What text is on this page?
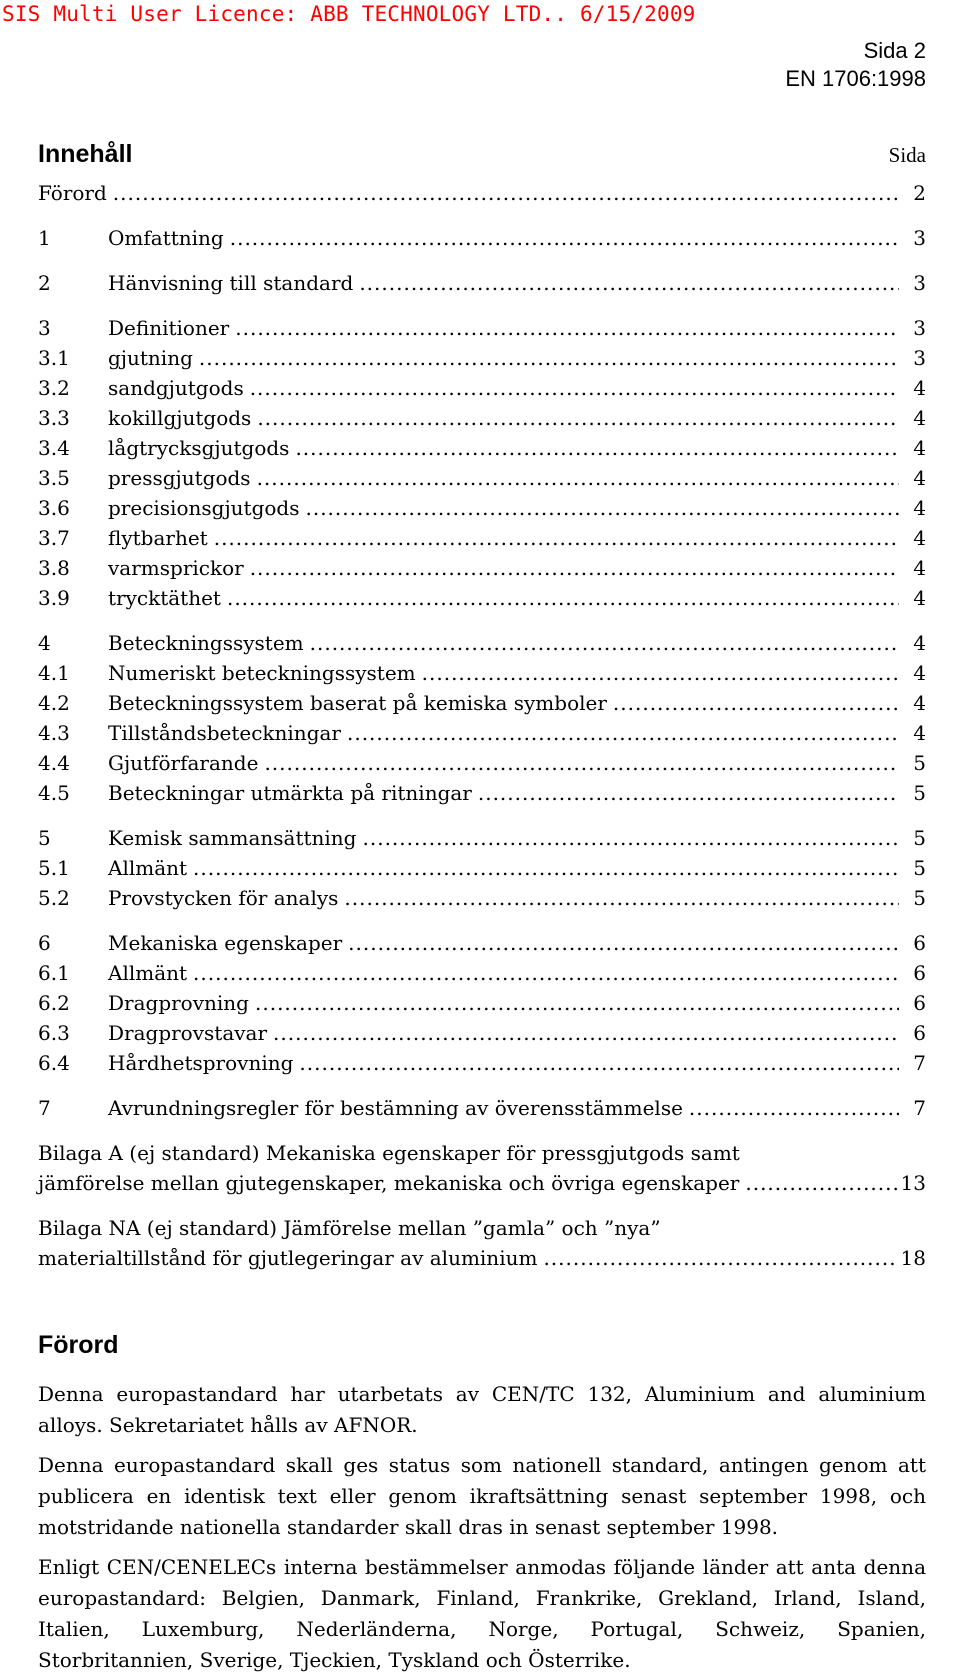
SIS Multi User Licence: ABB TECHNOLOGY LTD.. 6/15/2009
Sida 2
EN 1706:1998
Innehåll	Sida
Förord .....	2
1	Omfattning .....	3
2	Hänvisning till standard .....	3
3	Definitioner .....	3
3.1	gjutning .....	3
3.2	sandgjutgods .....	4
3.3	kokillgjutgods .....	4
3.4	lågtrycksgjutgods .....	4
3.5	pressgjutgods .....	4
3.6	precisionsgjutgods .....	4
3.7	flytbarhet .....	4
3.8	varmsprickor .....	4
3.9	trycktäthet .....	4
4	Beteckningssystem .....	4
4.1	Numeriskt beteckningssystem .....	4
4.2	Beteckningssystem baserat på kemiska symboler .....	4
4.3	Tillståndsbeteckningar .....	4
4.4	Gjutförfarande .....	5
4.5	Beteckningar utmärkta på ritningar .....	5
5	Kemisk sammansättning .....	5
5.1	Allmänt .....	5
5.2	Provstycken för analys .....	5
6	Mekaniska egenskaper .....	6
6.1	Allmänt .....	6
6.2	Dragprovning .....	6
6.3	Dragprovstavar .....	6
6.4	Hårdhetsprovning .....	7
7	Avrundningsregler för bestämning av överensstämmelse .....	7
Bilaga A (ej standard) Mekaniska egenskaper för pressgjutgods samt
jämförelse mellan gjutegenskaper, mekaniska och övriga egenskaper .....	13
Bilaga NA (ej standard) Jämförelse mellan ”gamla” och ”nya”
materialtillstånd för gjutlegeringar av aluminium .....	18
Förord
Denna europastandard har utarbetats av CEN/TC 132, Aluminium and aluminium alloys. Sekretariatet hålls av AFNOR.
Denna europastandard skall ges status som nationell standard, antingen genom att publicera en identisk text eller genom ikraftsättning senast september 1998, och motstridande nationella standarder skall dras in senast september 1998.
Enligt CEN/CENELECs interna bestämmelser anmodas följande länder att anta denna europastandard: Belgien, Danmark, Finland, Frankrike, Grekland, Irland, Island, Italien, Luxemburg, Nederländerna, Norge, Portugal, Schweiz, Spanien, Storbritannien, Sverige, Tjeckien, Tyskland och Österrike.
